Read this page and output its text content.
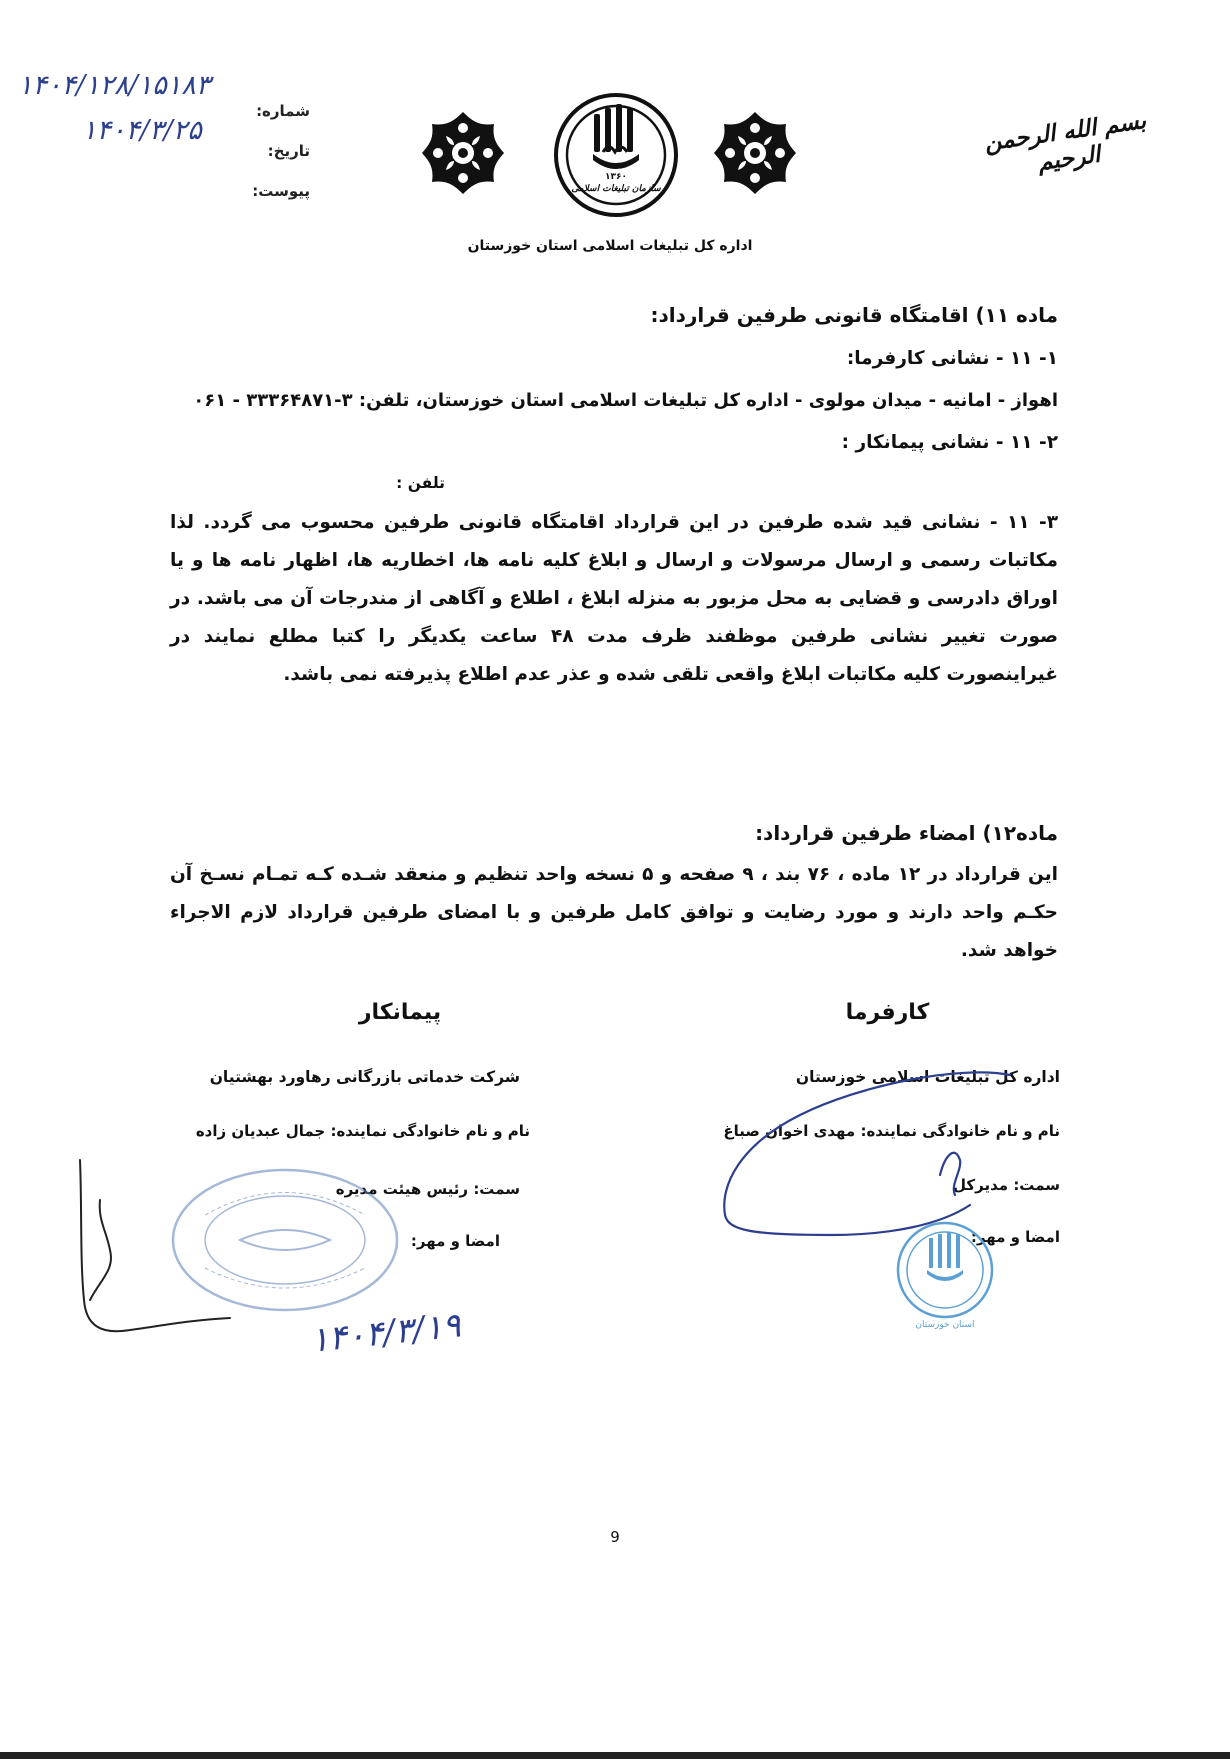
۱۴۰۴/۱۲۸/۱۵۱۸۳
۱۴۰۴/۳/۲۵
شماره:
تاریخ:
پیوست:
۱۳۶۰
سازمان تبلیغات اسلامی
بسم الله الرحمن الرحیم
اداره کل تبلیغات اسلامی استان خوزستان
ماده ۱۱) اقامتگاه قانونی طرفین قرارداد:
۱- ۱۱ - نشانی کارفرما:
اهواز - امانیه - میدان مولوی - اداره کل تبلیغات اسلامی استان خوزستان، تلفن: ۳-۳۳۳۶۴۸۷۱ - ۰۶۱
۲- ۱۱ - نشانی پیمانکار :
تلفن :
۳- ۱۱ - نشانی قید شده طرفین در این قرارداد اقامتگاه قانونی طرفین محسوب می گردد. لذا مکاتبات رسمی و ارسال مرسولات و ارسال و ابلاغ کلیه نامه ها، اخطاریه ها، اظهار نامه ها و یا اوراق دادرسی و قضایی به محل مزبور به منزله ابلاغ ، اطلاع و آگاهی از مندرجات آن می باشد. در صورت تغییر نشانی طرفین موظفند ظرف مدت ۴۸ ساعت یکدیگر را کتبا مطلع نمایند در غیراینصورت کلیه مکاتبات ابلاغ واقعی تلقی شده و عذر عدم اطلاع پذیرفته نمی باشد.
ماده۱۲) امضاء طرفین قرارداد:
این قرارداد در ۱۲ ماده ، ۷۶ بند ، ۹ صفحه و ۵ نسخه واحد تنظیم و منعقد شـده کـه تمـام نسـخ آن حکـم واحد دارند و مورد رضایت و توافق کامل طرفین و با امضای طرفین قرارداد لازم الاجراء خواهد شد.
کارفرما
اداره کل تبلیغات اسلامی خوزستان
نام و نام خانوادگی نماینده: مهدی اخوان صباغ
سمت: مدیرکل
امضا و مهر:
استان خوزستان
پیمانکار
شرکت خدماتی بازرگانی رهاورد بهشتیان
نام و نام خانوادگی نماینده: جمال عبدیان زاده
سمت: رئیس هیئت مدیره
امضا و مهر:
۱۴۰۴/۳/۱۹
9
